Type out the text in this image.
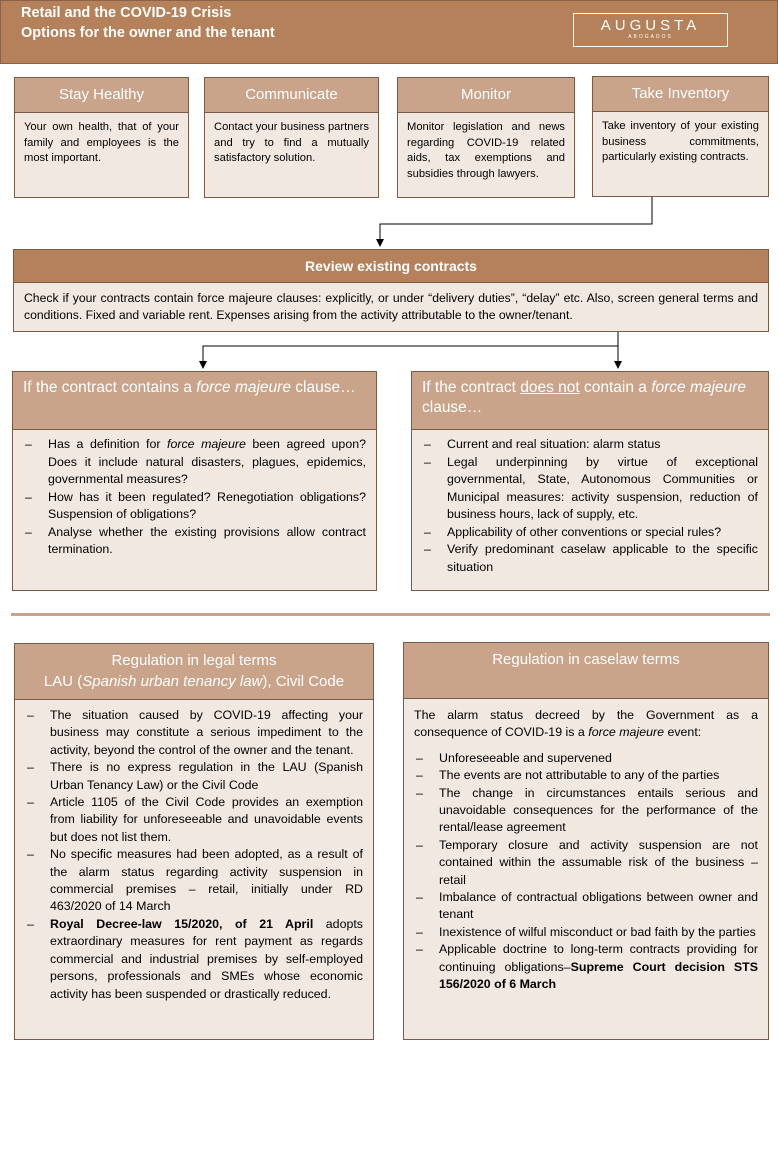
Retail and the COVID-19 Crisis
Options for the owner and the tenant	AUGUSTA
ABOGADOS
Stay Healthy
Your own health, that of your family and employees is the most important.
Communicate
Contact your business partners and try to find a mutually satisfactory solution.
Monitor
Monitor legislation and news regarding COVID-19 related aids, tax exemptions and subsidies through lawyers.
Take Inventory
Take inventory of your existing business commitments, particularly existing contracts.
Review existing contracts
Check if your contracts contain force majeure clauses: explicitly, or under “delivery duties”, “delay” etc. Also, screen general terms and conditions. Fixed and variable rent. Expenses arising from the activity attributable to the owner/tenant.
If the contract contains a force majeure clause…
– Has a definition for force majeure been agreed upon? Does it include natural disasters, plagues, epidemics, governmental measures?
– How has it been regulated? Renegotiation obligations? Suspension of obligations?
– Analyse whether the existing provisions allow contract termination.
If the contract does not contain a force majeure clause…
– Current and real situation: alarm status
– Legal underpinning by virtue of exceptional governmental, State, Autonomous Communities or Municipal measures: activity suspension, reduction of business hours, lack of supply, etc.
– Applicability of other conventions or special rules?
– Verify predominant caselaw applicable to the specific situation
Regulation in legal terms
LAU (Spanish urban tenancy law), Civil Code
– The situation caused by COVID-19 affecting your business may constitute a serious impediment to the activity, beyond the control of the owner and the tenant.
– There is no express regulation in the LAU (Spanish Urban Tenancy Law) or the Civil Code
– Article 1105 of the Civil Code provides an exemption from liability for unforeseeable and unavoidable events but does not list them.
– No specific measures had been adopted, as a result of the alarm status regarding activity suspension in commercial premises – retail, initially under RD 463/2020 of 14 March
– Royal Decree-law 15/2020, of 21 April adopts extraordinary measures for rent payment as regards commercial and industrial premises by self-employed persons, professionals and SMEs whose economic activity has been suspended or drastically reduced.
Regulation in caselaw terms

The alarm status decreed by the Government as a consequence of COVID-19 is a force majeure event:

– Unforeseeable and supervened
– The events are not attributable to any of the parties
– The change in circumstances entails serious and unavoidable consequences for the performance of the rental/lease agreement
– Temporary closure and activity suspension are not contained within the assumable risk of the business – retail
– Imbalance of contractual obligations between owner and tenant
– Inexistence of wilful misconduct or bad faith by the parties
– Applicable doctrine to long-term contracts providing for continuing obligations–Supreme Court decision STS 156/2020 of 6 March
